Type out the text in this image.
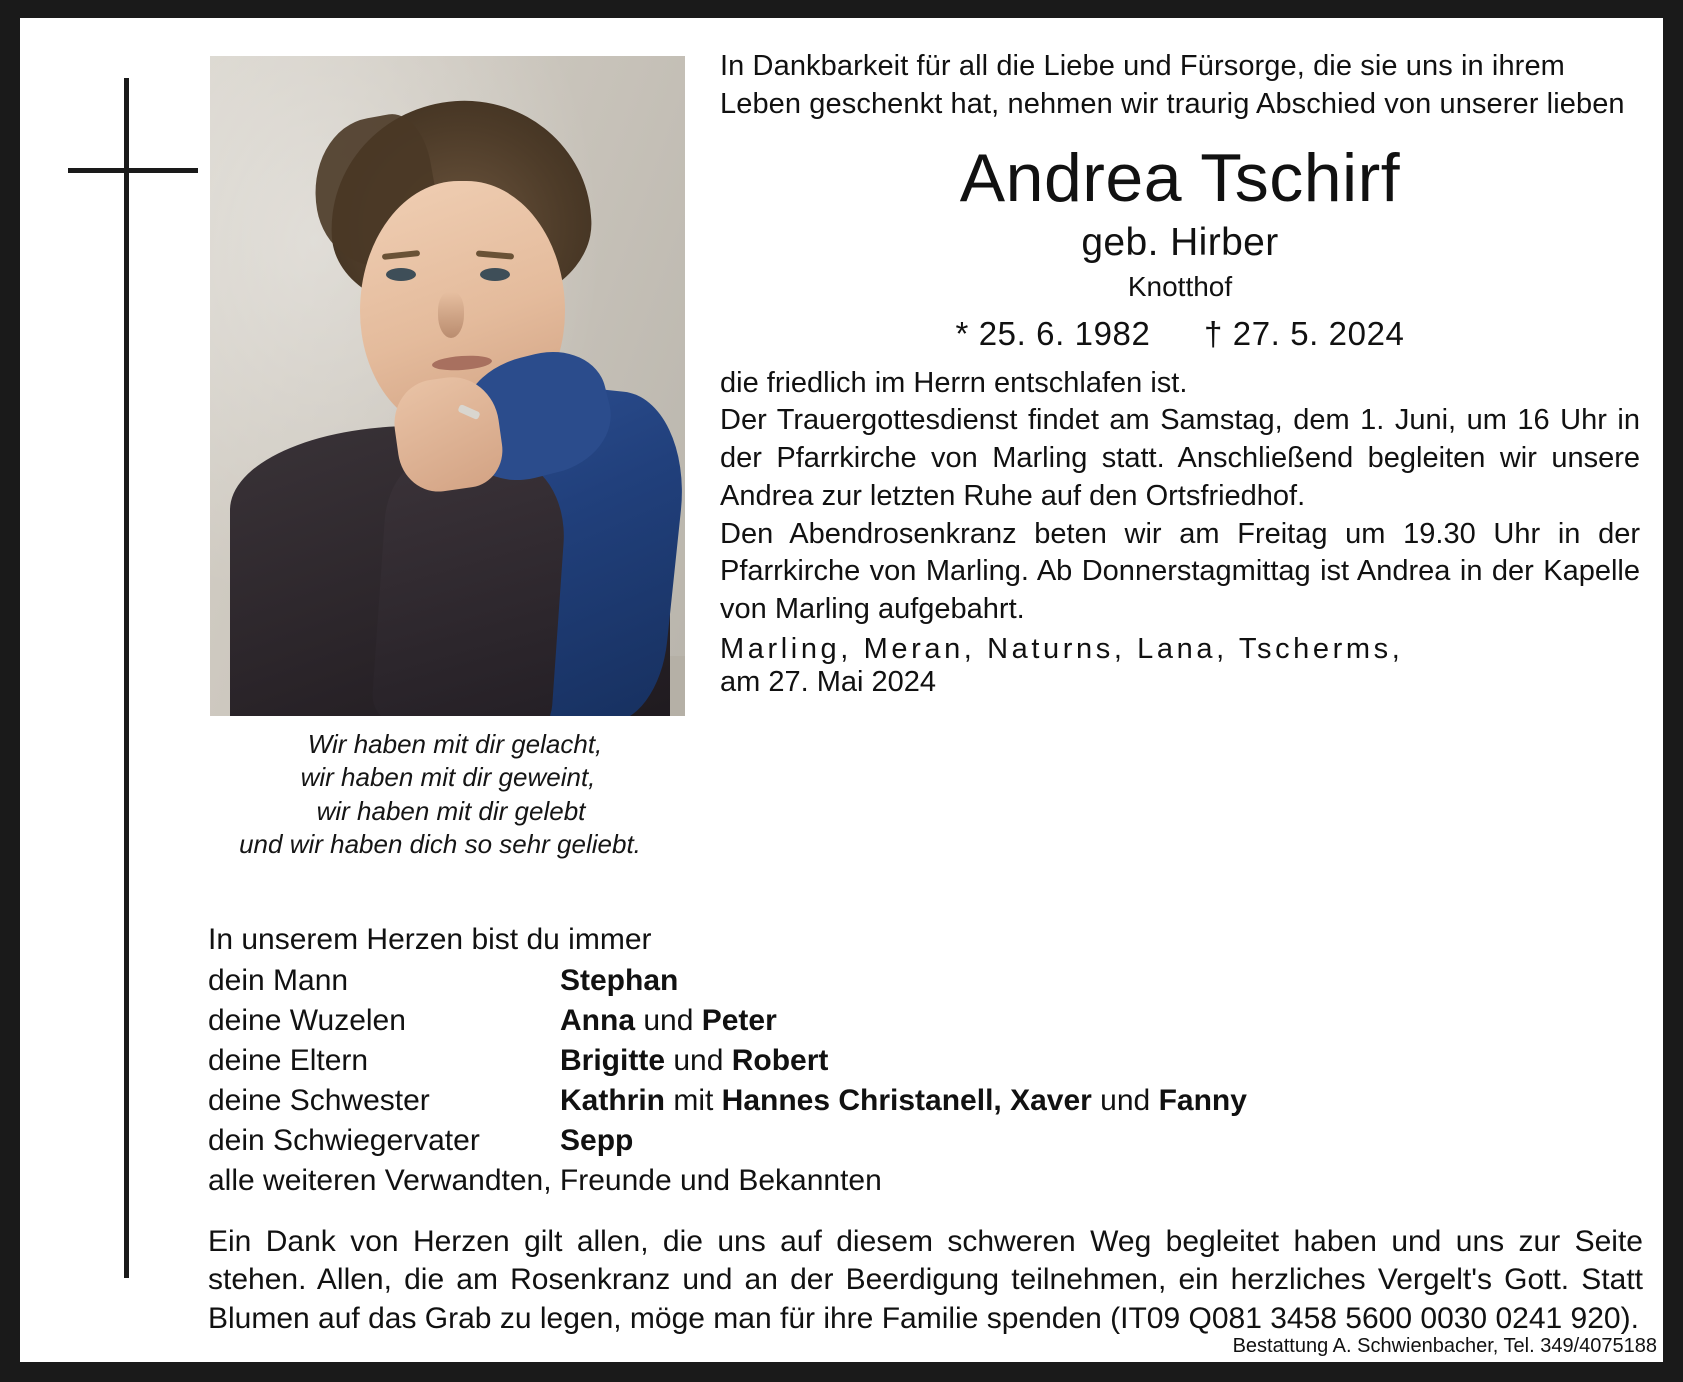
Wir haben mit dir gelacht,
wir haben mit dir geweint,
wir haben mit dir gelebt
und wir haben dich so sehr geliebt.
In Dankbarkeit für all die Liebe und Fürsorge, die sie uns in ihrem Leben geschenkt hat, nehmen wir traurig Abschied von unserer lieben
Andrea Tschirf
geb. Hirber
Knotthof
* 25. 6. 1982 † 27. 5. 2024

die friedlich im Herrn entschlafen ist.

Der Trauergottesdienst findet am Samstag, dem 1. Juni, um 16 Uhr in der Pfarrkirche von Marling statt. Anschließend begleiten wir unsere Andrea zur letzten Ruhe auf den Ortsfriedhof.

Den Abendrosenkranz beten wir am Freitag um 19.30 Uhr in der Pfarrkirche von Marling. Ab Donnerstagmittag ist Andrea in der Kapelle von Marling aufgebahrt.

Marling, Meran, Naturns, Lana, Tscherms,
am 27. Mai 2024
In unserem Herzen bist du immer
dein Mann	Stephan
deine Wuzelen	Anna und Peter
deine Eltern	Brigitte und Robert
deine Schwester	Kathrin mit Hannes Christanell, Xaver und Fanny
dein Schwiegervater	Sepp
alle weiteren Verwandten, Freunde und Bekannten
Ein Dank von Herzen gilt allen, die uns auf diesem schweren Weg begleitet haben und uns zur Seite stehen. Allen, die am Rosenkranz und an der Beerdigung teilnehmen, ein herzliches Vergelt's Gott. Statt Blumen auf das Grab zu legen, möge man für ihre Familie spenden (IT09 Q081 3458 5600 0030 0241 920).
Bestattung A. Schwienbacher, Tel. 349/4075188
